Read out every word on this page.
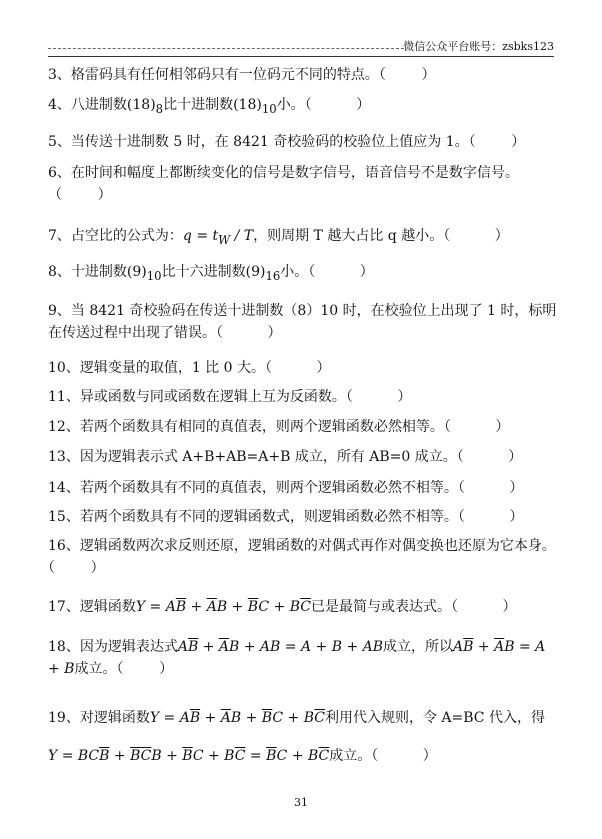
微信公众平台账号：zsbks123
3、格雷码具有任何相邻码只有一位码元不同的特点。（        ）
4、八进制数$(18)_8$比十进制数$(18)_{10}$小。（          ）
5、当传送十进制数 5 时，在 8421 奇校验码的校验位上值应为 1。（        ）
6、在时间和幅度上都断续变化的信号是数字信号，语音信号不是数字信号。
（        ）
7、占空比的公式为：$q = t_W / T$，则周期 T 越大占比 q 越小。（          ）
8、十进制数$(9)_{10}$比十六进制数$(9)_{16}$小。（          ）
9、当 8421 奇校验码在传送十进制数（8）10 时，在校验位上出现了 1 时，标明在传送过程中出现了错误。（          ）
10、逻辑变量的取值，1 比 0 大。（          ）
11、异或函数与同或函数在逻辑上互为反函数。（          ）
12、若两个函数具有相同的真值表，则两个逻辑函数必然相等。（          ）
13、因为逻辑表示式 A+B+AB=A+B 成立，所有 AB=0 成立。（          ）
14、若两个函数具有不同的真值表，则两个逻辑函数必然不相等。（          ）
15、若两个函数具有不同的逻辑函数式，则逻辑函数必然不相等。（          ）
16、逻辑函数两次求反则还原，逻辑函数的对偶式再作对偶变换也还原为它本身。（        ）
17、逻辑函数$Y = A\overline{B} + \overline{A}B + \overline{B}C + B\overline{C}$已是最简与或表达式。（          ）
18、因为逻辑表达式$A\overline{B} + \overline{A}B$ + AB = A + B + AB成立，所以$A\overline{B} + \overline{A}B = A + B$成立。（        ）
19、对逻辑函数$Y = A\overline{B} + \overline{A}B + \overline{B}C + B\overline{C}$利用代入规则，令 A=BC 代入，得
$Y = BC\overline{B} + \overline{BC}B + \overline{B}C + B\overline{C} = \overline{B}C + B\overline{C}$成立。（          ）
31
